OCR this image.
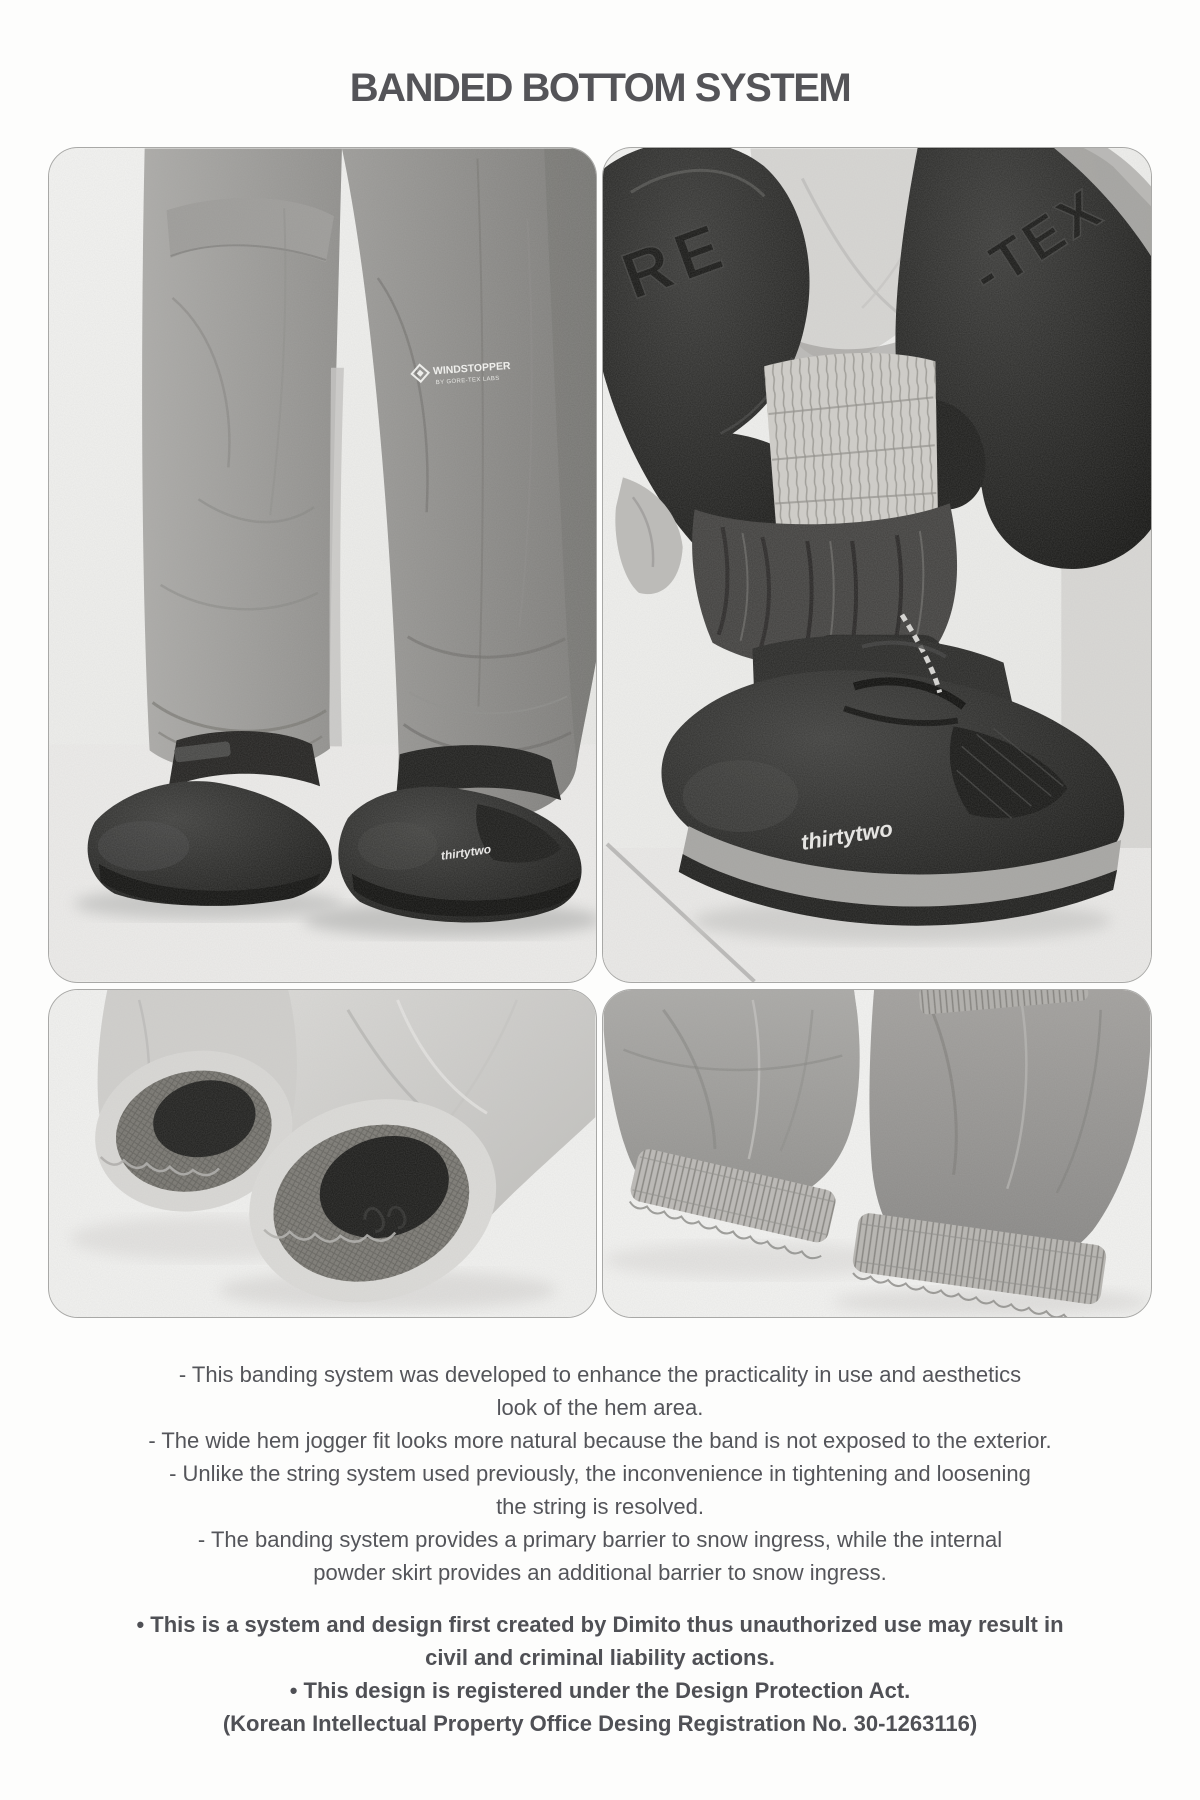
BANDED BOTTOM SYSTEM

- This banding system was developed to enhance the practicality in use and aesthetics

look of the hem area.

- The wide hem jogger fit looks more natural because the band is not exposed to the exterior.

- Unlike the string system used previously, the inconvenience in tightening and loosening

the string is resolved.

- The banding system provides a primary barrier to snow ingress, while the internal

powder skirt provides an additional barrier to snow ingress.

• This is a system and design first created by Dimito thus unauthorized use may result in

civil and criminal liability actions.

• This design is registered under the Design Protection Act.

(Korean Intellectual Property Office Desing Registration No. 30-1263116)
